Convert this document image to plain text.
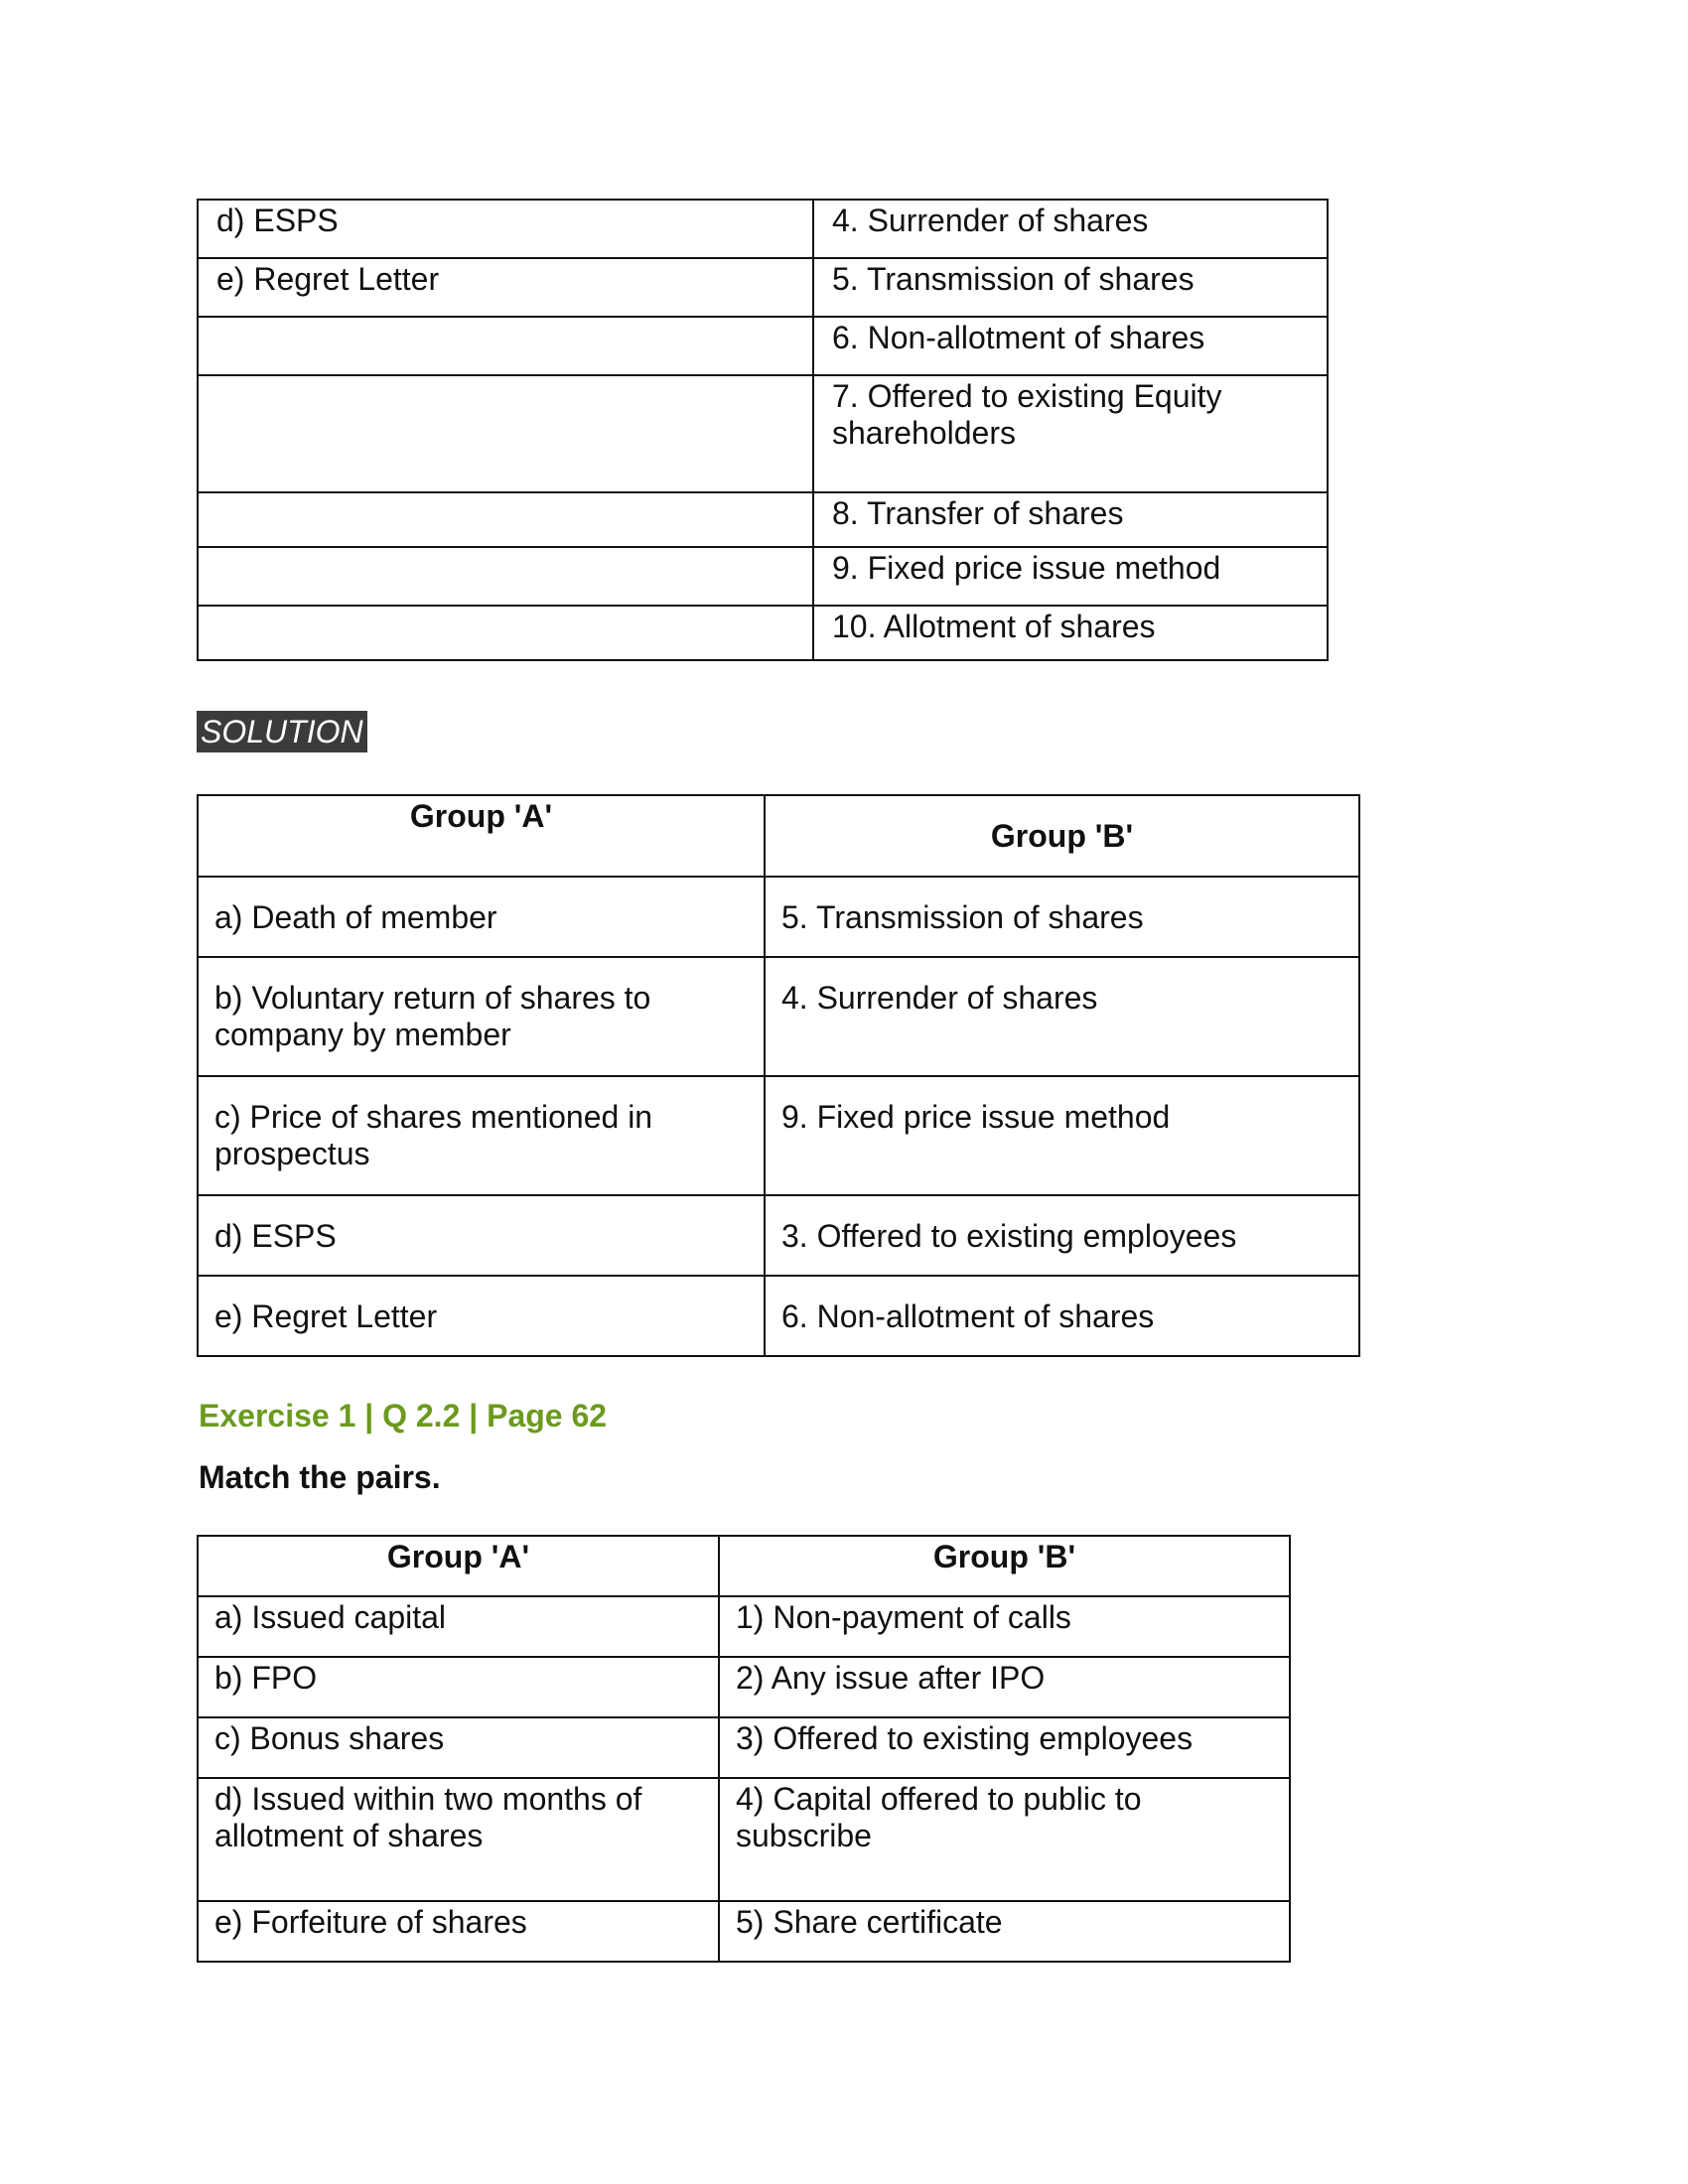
d) ESPS	4. Surrender of shares
e) Regret Letter	5. Transmission of shares
	6. Non-allotment of shares
	7. Offered to existing Equity shareholders
	8. Transfer of shares
	9. Fixed price issue method
	10. Allotment of shares
SOLUTION
Group 'A'	Group 'B'
a) Death of member	5. Transmission of shares
b) Voluntary return of shares to company by member	4. Surrender of shares
c) Price of shares mentioned in prospectus	9. Fixed price issue method
d) ESPS	3. Offered to existing employees
e) Regret Letter	6. Non-allotment of shares
Exercise 1 | Q 2.2 | Page 62
Match the pairs.
Group 'A'	Group 'B'
a) Issued capital	1) Non-payment of calls
b) FPO	2) Any issue after IPO
c) Bonus shares	3) Offered to existing employees
d) Issued within two months of allotment of shares	4) Capital offered to public to subscribe
e) Forfeiture of shares	5) Share certificate
